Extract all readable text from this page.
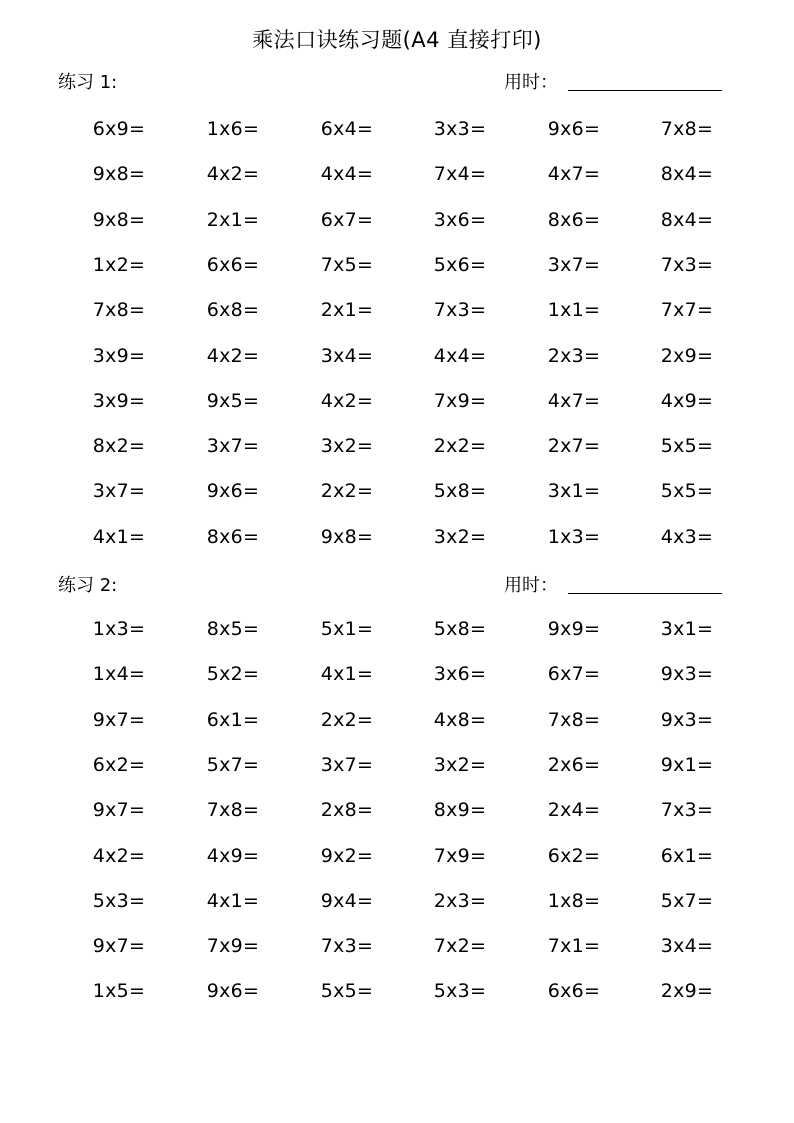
乘法口诀练习题(A4 直接打印)
练习 1:	用时：
6x9=	1x6=	6x4=	3x3=	9x6=	7x8=
9x8=	4x2=	4x4=	7x4=	4x7=	8x4=
9x8=	2x1=	6x7=	3x6=	8x6=	8x4=
1x2=	6x6=	7x5=	5x6=	3x7=	7x3=
7x8=	6x8=	2x1=	7x3=	1x1=	7x7=
3x9=	4x2=	3x4=	4x4=	2x3=	2x9=
3x9=	9x5=	4x2=	7x9=	4x7=	4x9=
8x2=	3x7=	3x2=	2x2=	2x7=	5x5=
3x7=	9x6=	2x2=	5x8=	3x1=	5x5=
4x1=	8x6=	9x8=	3x2=	1x3=	4x3=
练习 2:	用时：
1x3=	8x5=	5x1=	5x8=	9x9=	3x1=
1x4=	5x2=	4x1=	3x6=	6x7=	9x3=
9x7=	6x1=	2x2=	4x8=	7x8=	9x3=
6x2=	5x7=	3x7=	3x2=	2x6=	9x1=
9x7=	7x8=	2x8=	8x9=	2x4=	7x3=
4x2=	4x9=	9x2=	7x9=	6x2=	6x1=
5x3=	4x1=	9x4=	2x3=	1x8=	5x7=
9x7=	7x9=	7x3=	7x2=	7x1=	3x4=
1x5=	9x6=	5x5=	5x3=	6x6=	2x9=
